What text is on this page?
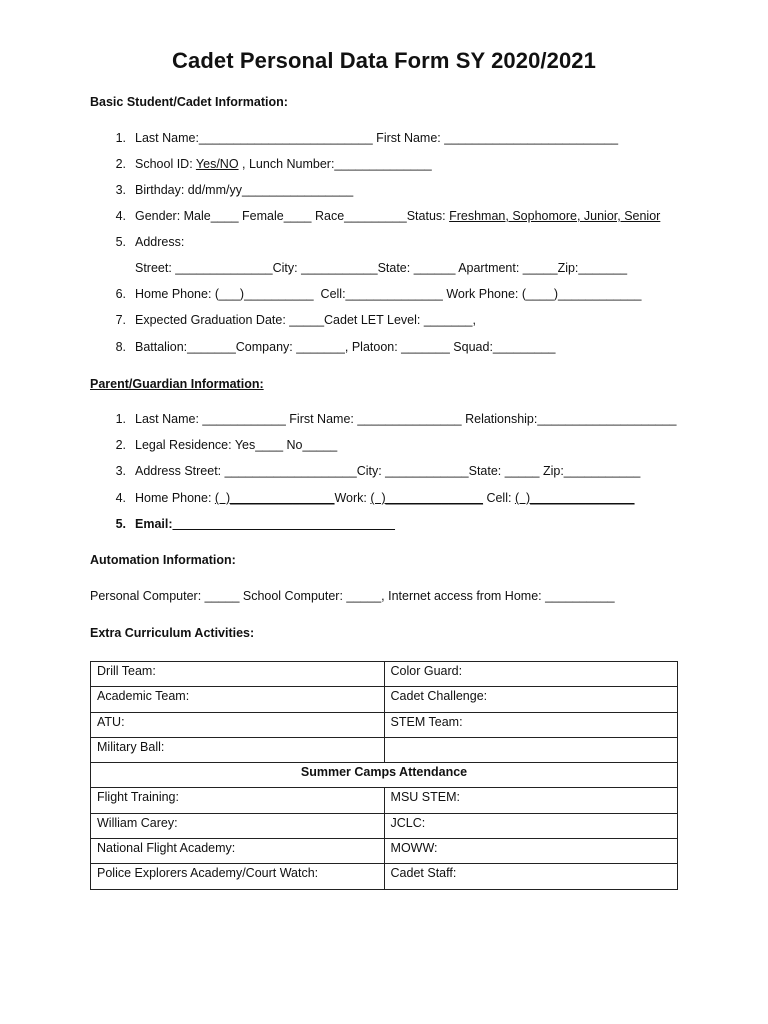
Cadet Personal Data Form SY 2020/2021
Basic Student/Cadet Information:
1. Last Name:_________________________ First Name: _________________________
2. School ID: Yes/NO , Lunch Number:______________
3. Birthday: dd/mm/yy________________
4. Gender: Male____ Female____ Race_________Status: Freshman, Sophomore, Junior, Senior
5. Address:
Street: ______________City: ___________State: ______ Apartment: _____Zip:_______
6. Home Phone: (___)__________  Cell:______________ Work Phone: (____)____________
7. Expected Graduation Date: _____Cadet LET Level: _______,
8. Battalion:_______Company: _______, Platoon: _______ Squad:_________
Parent/Guardian Information:
1. Last Name: ____________ First Name: _______________ Relationship:____________________
2. Legal Residence: Yes____ No_____
3. Address Street: ___________________City: ____________State: _____ Zip:___________
4. Home Phone: (  )_______________Work: (  )______________ Cell: (  )_______________
5. Email:________________________________
Automation Information:
Personal Computer: _____ School Computer: _____, Internet access from Home: __________
Extra Curriculum Activities:
Drill Team:	Color Guard:
Academic Team:	Cadet Challenge:
ATU:	STEM Team:
Military Ball:	
Summer Camps Attendance	
Flight Training:	MSU STEM:
William Carey:	JCLC:
National Flight Academy:	MOWW:
Police Explorers Academy/Court Watch:	Cadet Staff:
